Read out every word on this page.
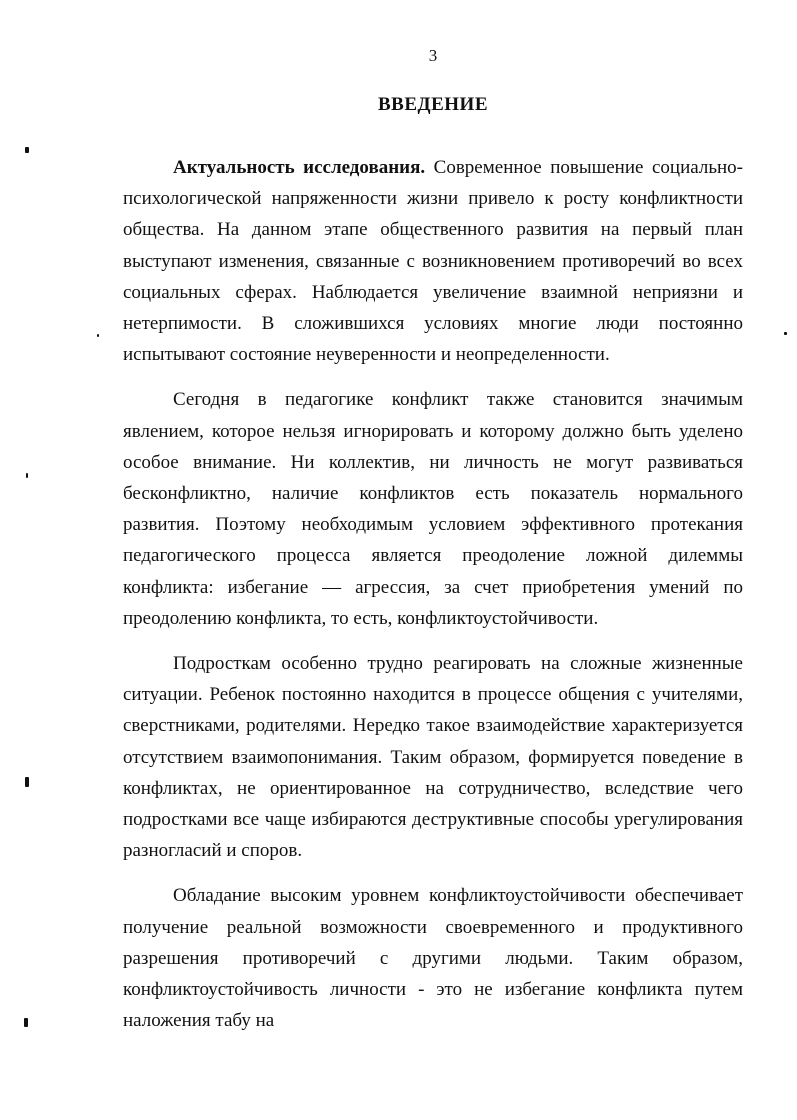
3
ВВЕДЕНИЕ

Актуальность исследования. Современное повышение социально-психологической напряженности жизни привело к росту конфликтности общества. На данном этапе общественного развития на первый план выступают изменения, связанные с возникновением противоречий во всех социальных сферах. Наблюдается увеличение взаимной неприязни и нетерпимости. В сложившихся условиях многие люди постоянно испытывают состояние неуверенности и неопределенности.

Сегодня в педагогике конфликт также становится значимым явлением, которое нельзя игнорировать и которому должно быть уделено особое внимание. Ни коллектив, ни личность не могут развиваться бесконфликтно, наличие конфликтов есть показатель нормального развития. Поэтому необходимым условием эффективного протекания педагогического процесса является преодоление ложной дилеммы конфликта: избегание — агрессия, за счет приобретения умений по преодолению конфликта, то есть, конфликтоустойчивости.

Подросткам особенно трудно реагировать на сложные жизненные ситуации. Ребенок постоянно находится в процессе общения с учителями, сверстниками, родителями. Нередко такое взаимодействие характеризуется отсутствием взаимопонимания. Таким образом, формируется поведение в конфликтах, не ориентированное на сотрудничество, вследствие чего подростками все чаще избираются деструктивные способы урегулирования разногласий и споров.

Обладание высоким уровнем конфликтоустойчивости обеспечивает получение реальной возможности своевременного и продуктивного разрешения противоречий с другими людьми. Таким образом, конфликтоустойчивость личности - это не избегание конфликта путем наложения табу на
